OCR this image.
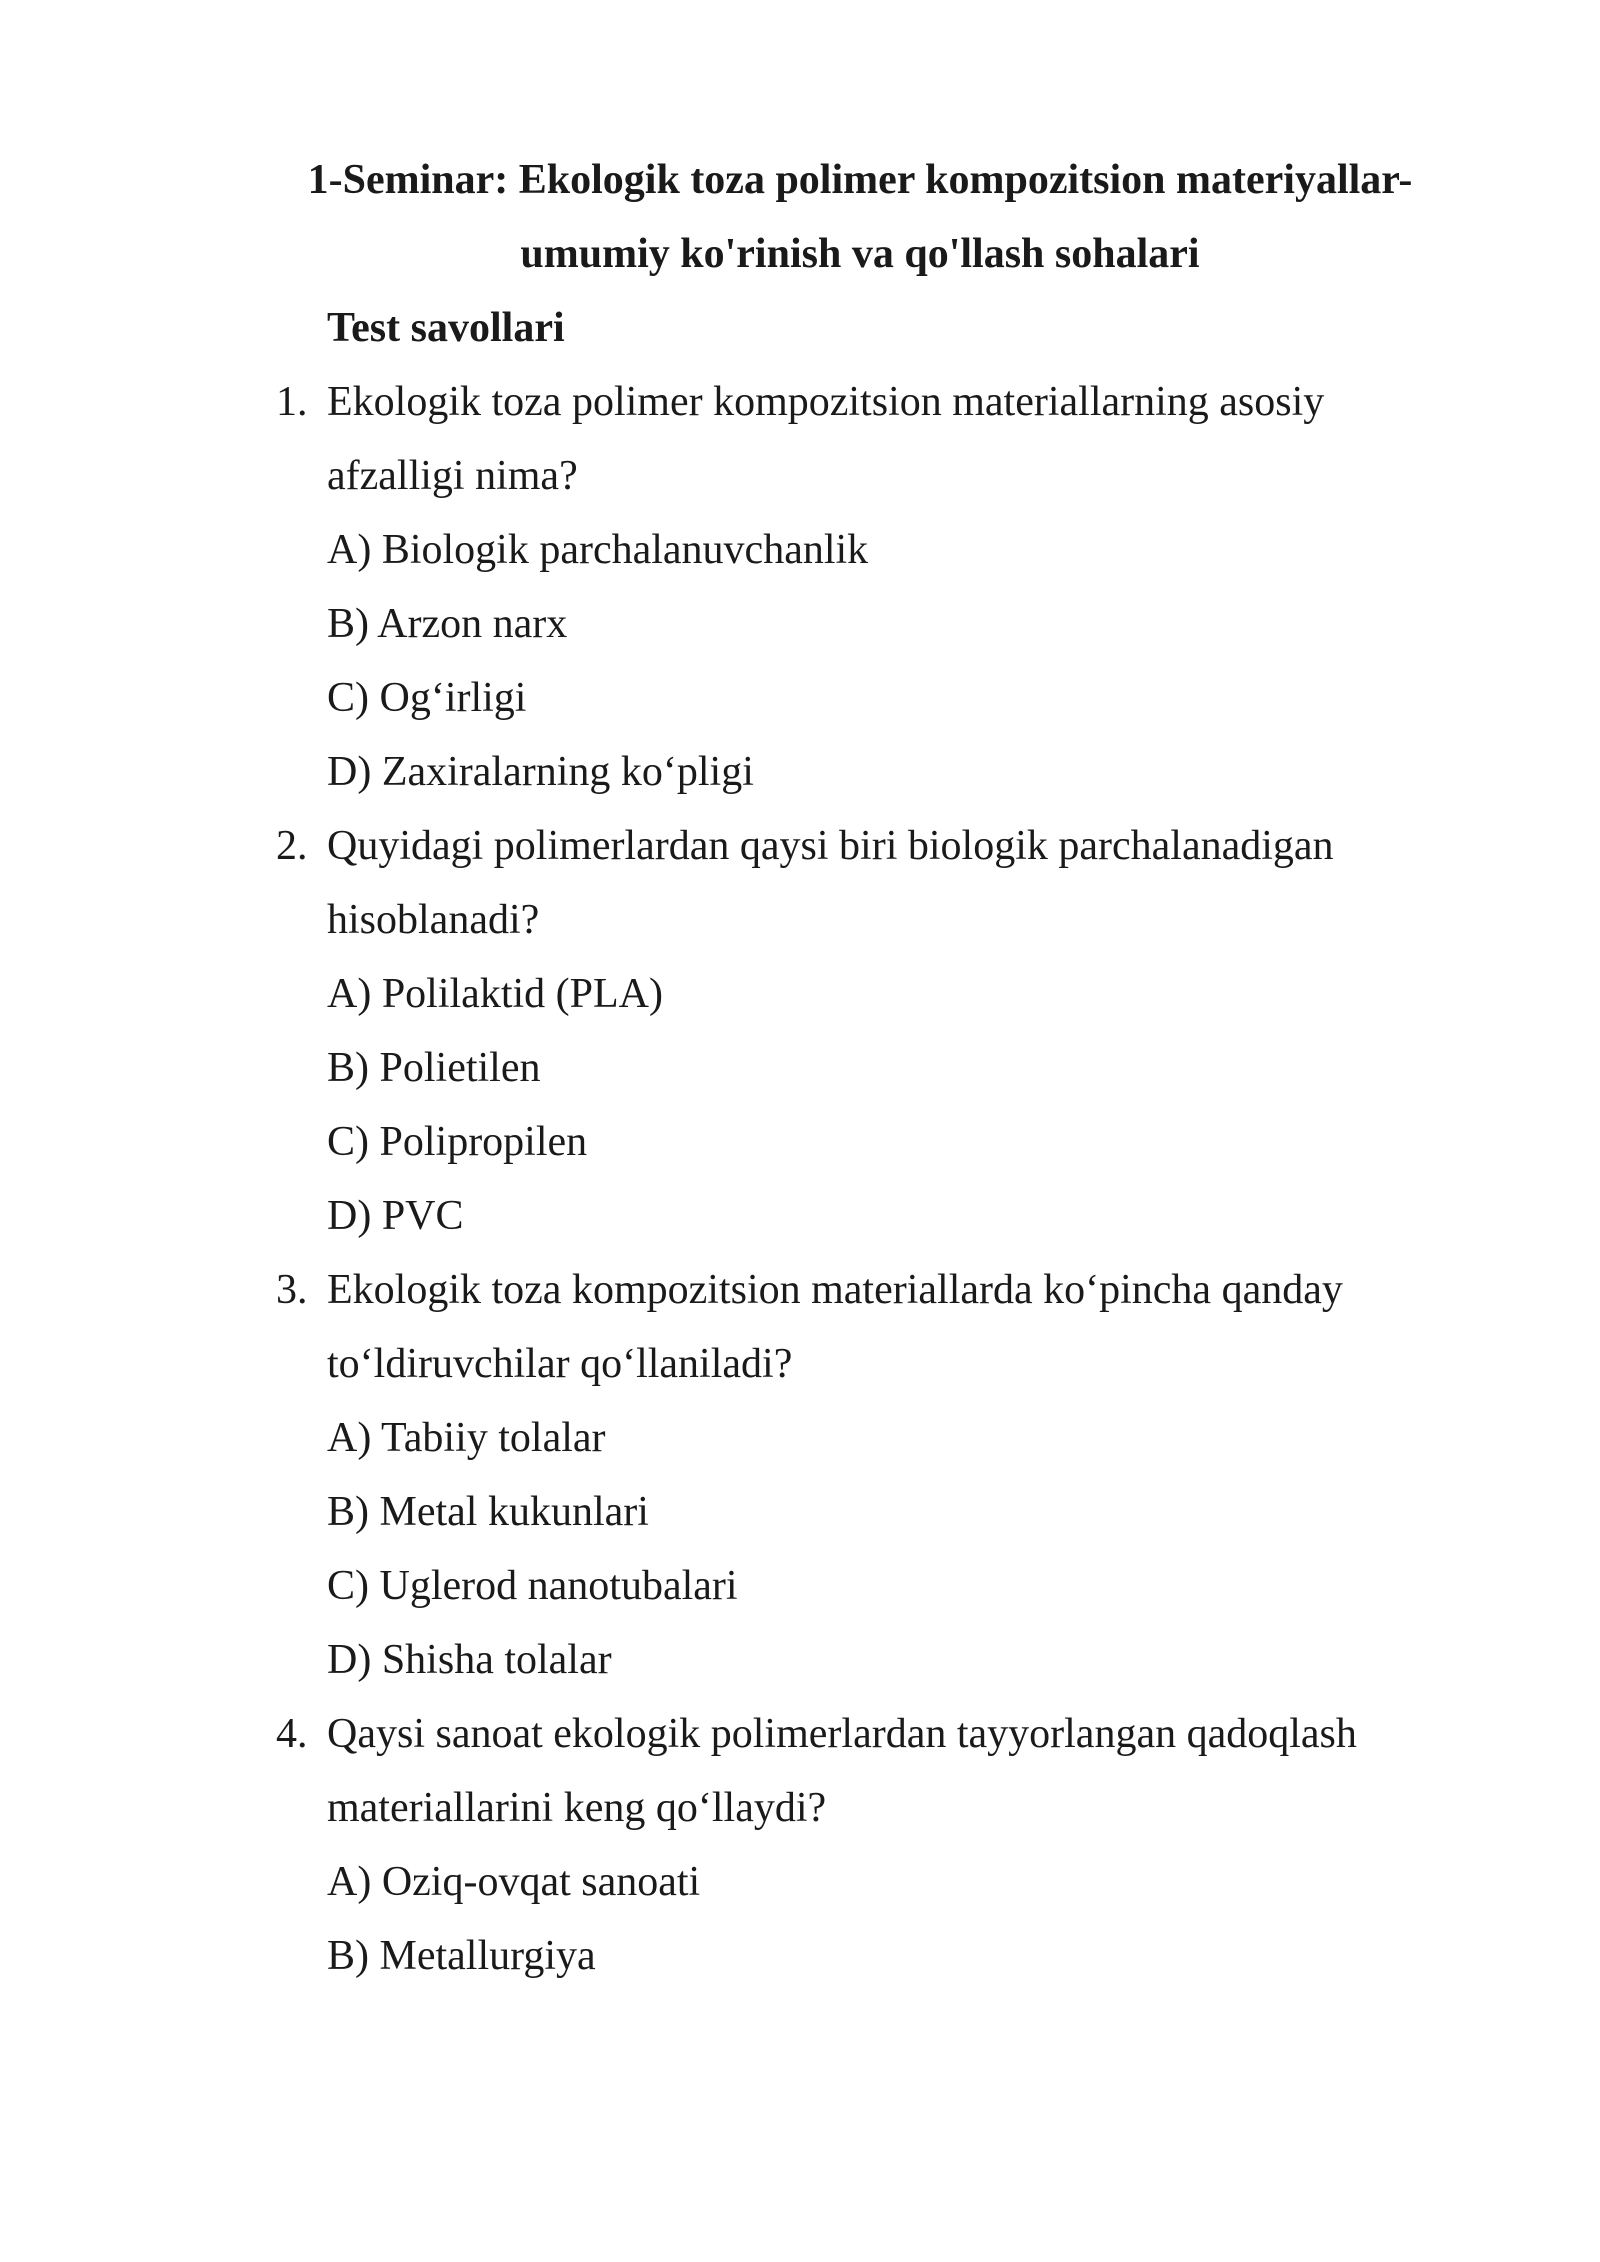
1-Seminar: Ekologik toza polimer kompozitsion materiyallar-
umumiy ko'rinish va qo'llash sohalari
Test savollari
1. Ekologik toza polimer kompozitsion materiallarning asosiy afzalligi nima?
A) Biologik parchalanuvchanlik
B) Arzon narx
C) Og‘irligi
D) Zaxiralarning ko‘pligi
2. Quyidagi polimerlardan qaysi biri biologik parchalanadigan hisoblanadi?
A) Polilaktid (PLA)
B) Polietilen
C) Polipropilen
D) PVC
3. Ekologik toza kompozitsion materiallarda ko‘pincha qanday to‘ldiruvchilar qo‘llaniladi?
A) Tabiiy tolalar
B) Metal kukunlari
C) Uglerod nanotubalari
D) Shisha tolalar
4. Qaysi sanoat ekologik polimerlardan tayyorlangan qadoqlash materiallarini keng qo‘llaydi?
A) Oziq-ovqat sanoati
B) Metallurgiya
